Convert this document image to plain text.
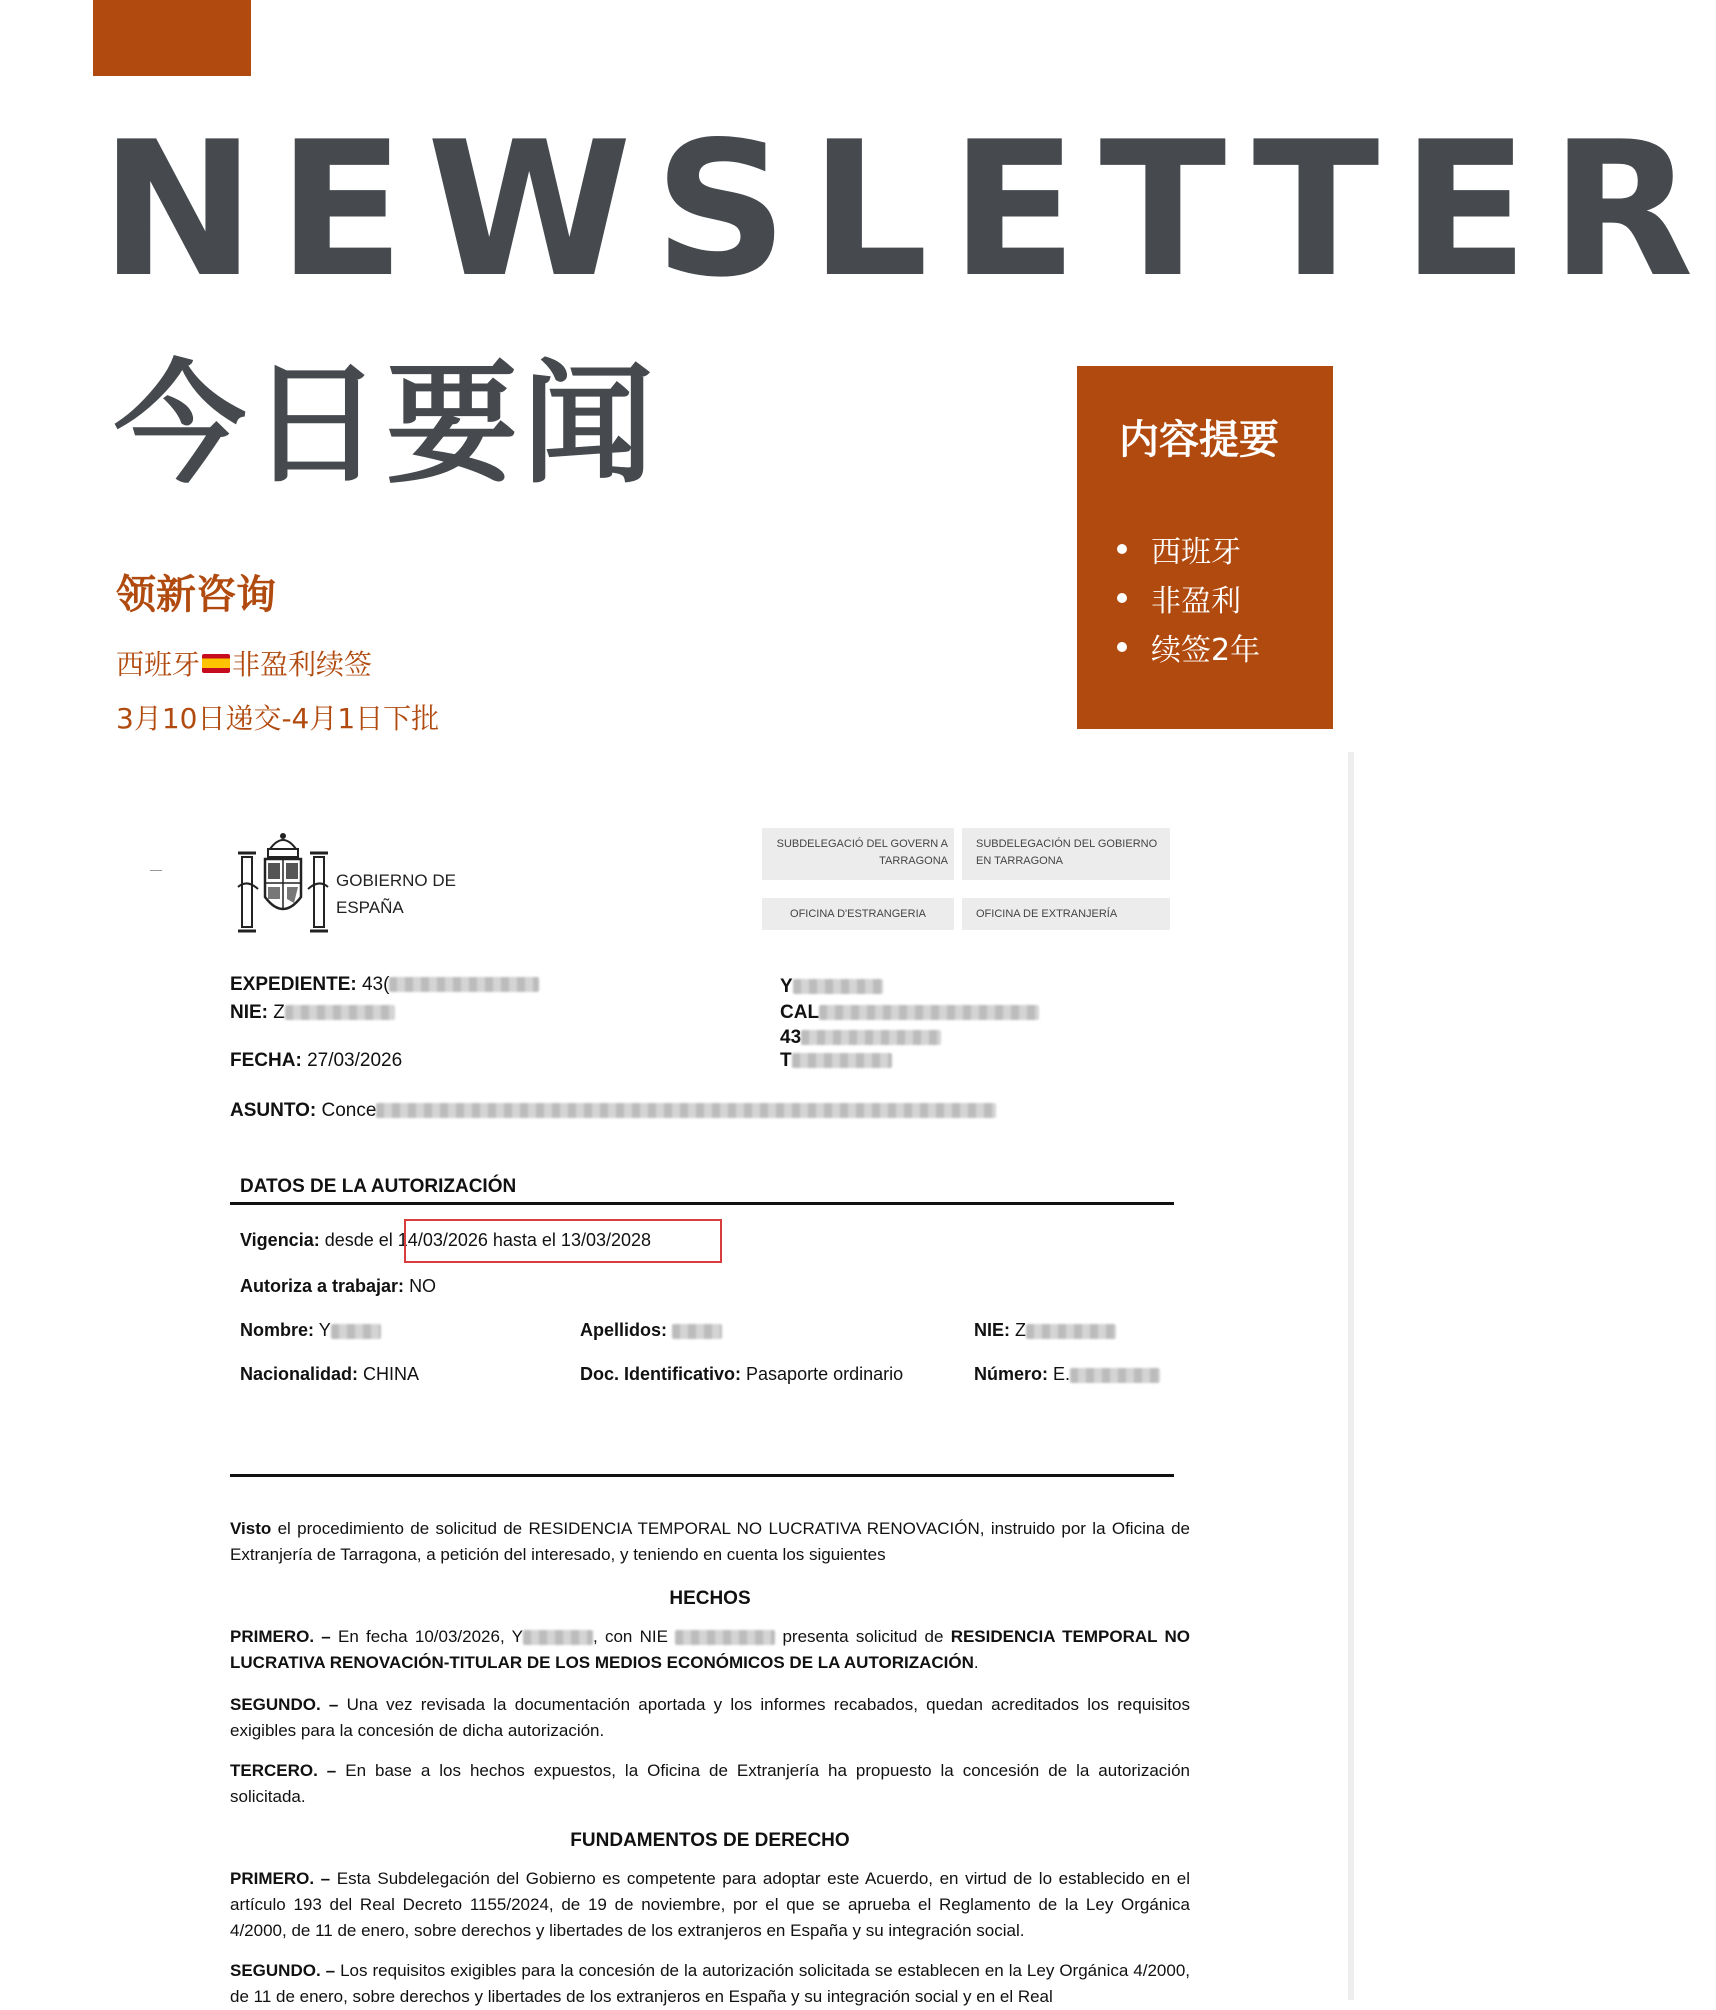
NEWSLETTER
今日要闻
领新咨询
西班牙 非盈利续签
3月10日递交-4月1日下批
内容提要
西班牙
非盈利
续签2年
GOBIERNO DE
ESPAÑA
SUBDELEGACIÓ DEL GOVERN A
TARRAGONA
SUBDELEGACIÓN DEL GOBIERNO
EN TARRAGONA
OFICINA D'ESTRANGERIA	OFICINA DE EXTRANJERÍA
EXPEDIENTE: 43(
NIE: Z
FECHA: 27/03/2026
ASUNTO: Conce
Y
CAL
43
T
DATOS DE LA AUTORIZACIÓN
Vigencia: desde el 14/03/2026 hasta el 13/03/2028
Autoriza a trabajar: NO
Nombre: Y	Apellidos:	NIE: Z
Nacionalidad: CHINA	Doc. Identificativo: Pasaporte ordinario	Número: E.
Visto el procedimiento de solicitud de RESIDENCIA TEMPORAL NO LUCRATIVA RENOVACIÓN, instruido por la Oficina de Extranjería de Tarragona, a petición del interesado, y teniendo en cuenta los siguientes
HECHOS
PRIMERO. – En fecha 10/03/2026, Y	, con NIE	presenta solicitud de RESIDENCIA TEMPORAL NO LUCRATIVA RENOVACIÓN-TITULAR DE LOS MEDIOS ECONÓMICOS DE LA AUTORIZACIÓN.
SEGUNDO. – Una vez revisada la documentación aportada y los informes recabados, quedan acreditados los requisitos exigibles para la concesión de dicha autorización.
TERCERO. – En base a los hechos expuestos, la Oficina de Extranjería ha propuesto la concesión de la autorización solicitada.
FUNDAMENTOS DE DERECHO
PRIMERO. – Esta Subdelegación del Gobierno es competente para adoptar este Acuerdo, en virtud de lo establecido en el artículo 193 del Real Decreto 1155/2024, de 19 de noviembre, por el que se aprueba el Reglamento de la Ley Orgánica 4/2000, de 11 de enero, sobre derechos y libertades de los extranjeros en España y su integración social.
SEGUNDO. – Los requisitos exigibles para la concesión de la autorización solicitada se establecen en la Ley Orgánica 4/2000, de 11 de enero, sobre derechos y libertades de los extranjeros en España y su integración social y en el Real
